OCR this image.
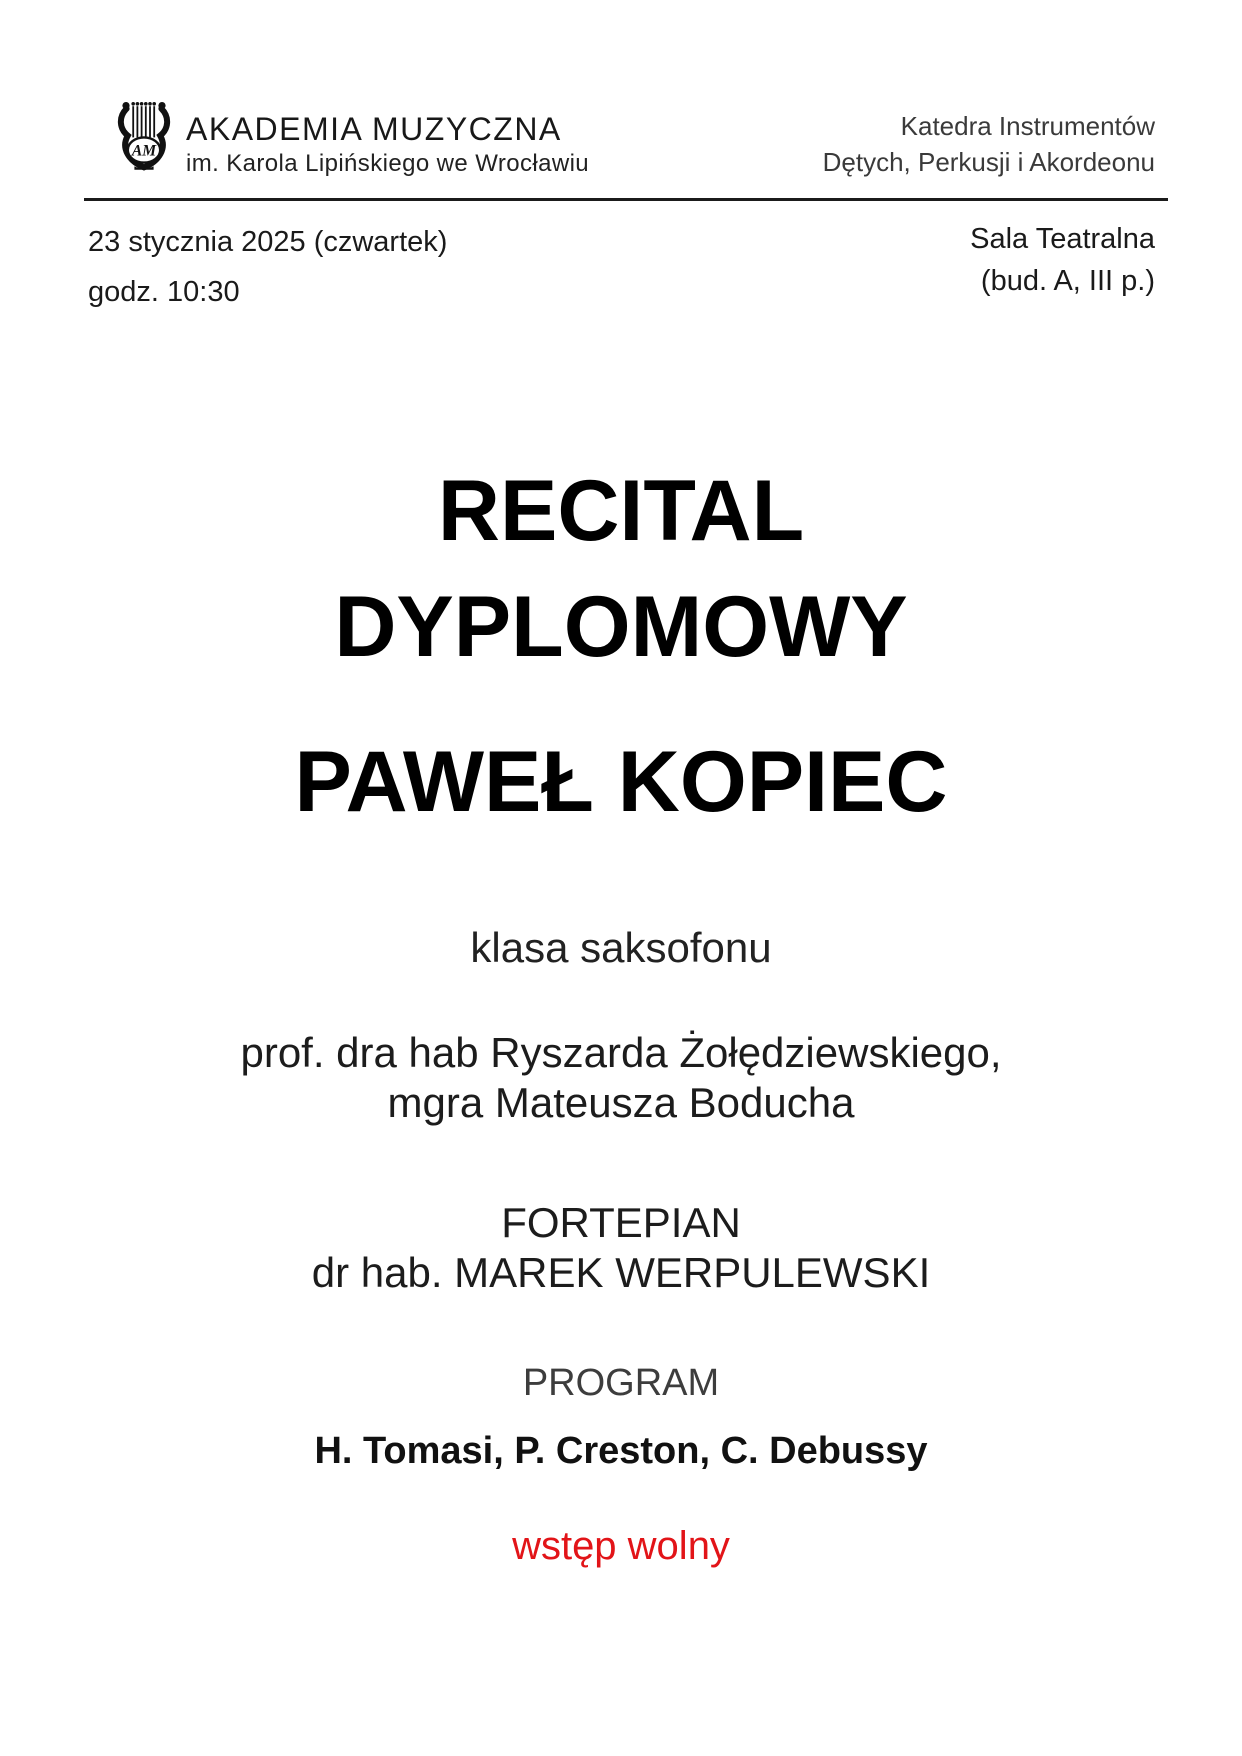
AM
AKADEMIA MUZYCZNA
im. Karola Lipińskiego we Wrocławiu
Katedra Instrumentów
Dętych, Perkusji i Akordeonu
23 stycznia 2025 (czwartek)
godz. 10:30
Sala Teatralna
(bud. A, III p.)
RECITAL
DYPLOMOWY
PAWEŁ KOPIEC
klasa saksofonu
prof. dra hab Ryszarda Żołędziewskiego,
mgra Mateusza Boducha
FORTEPIAN
dr hab. MAREK WERPULEWSKI
PROGRAM
H. Tomasi, P. Creston, C. Debussy
wstęp wolny
